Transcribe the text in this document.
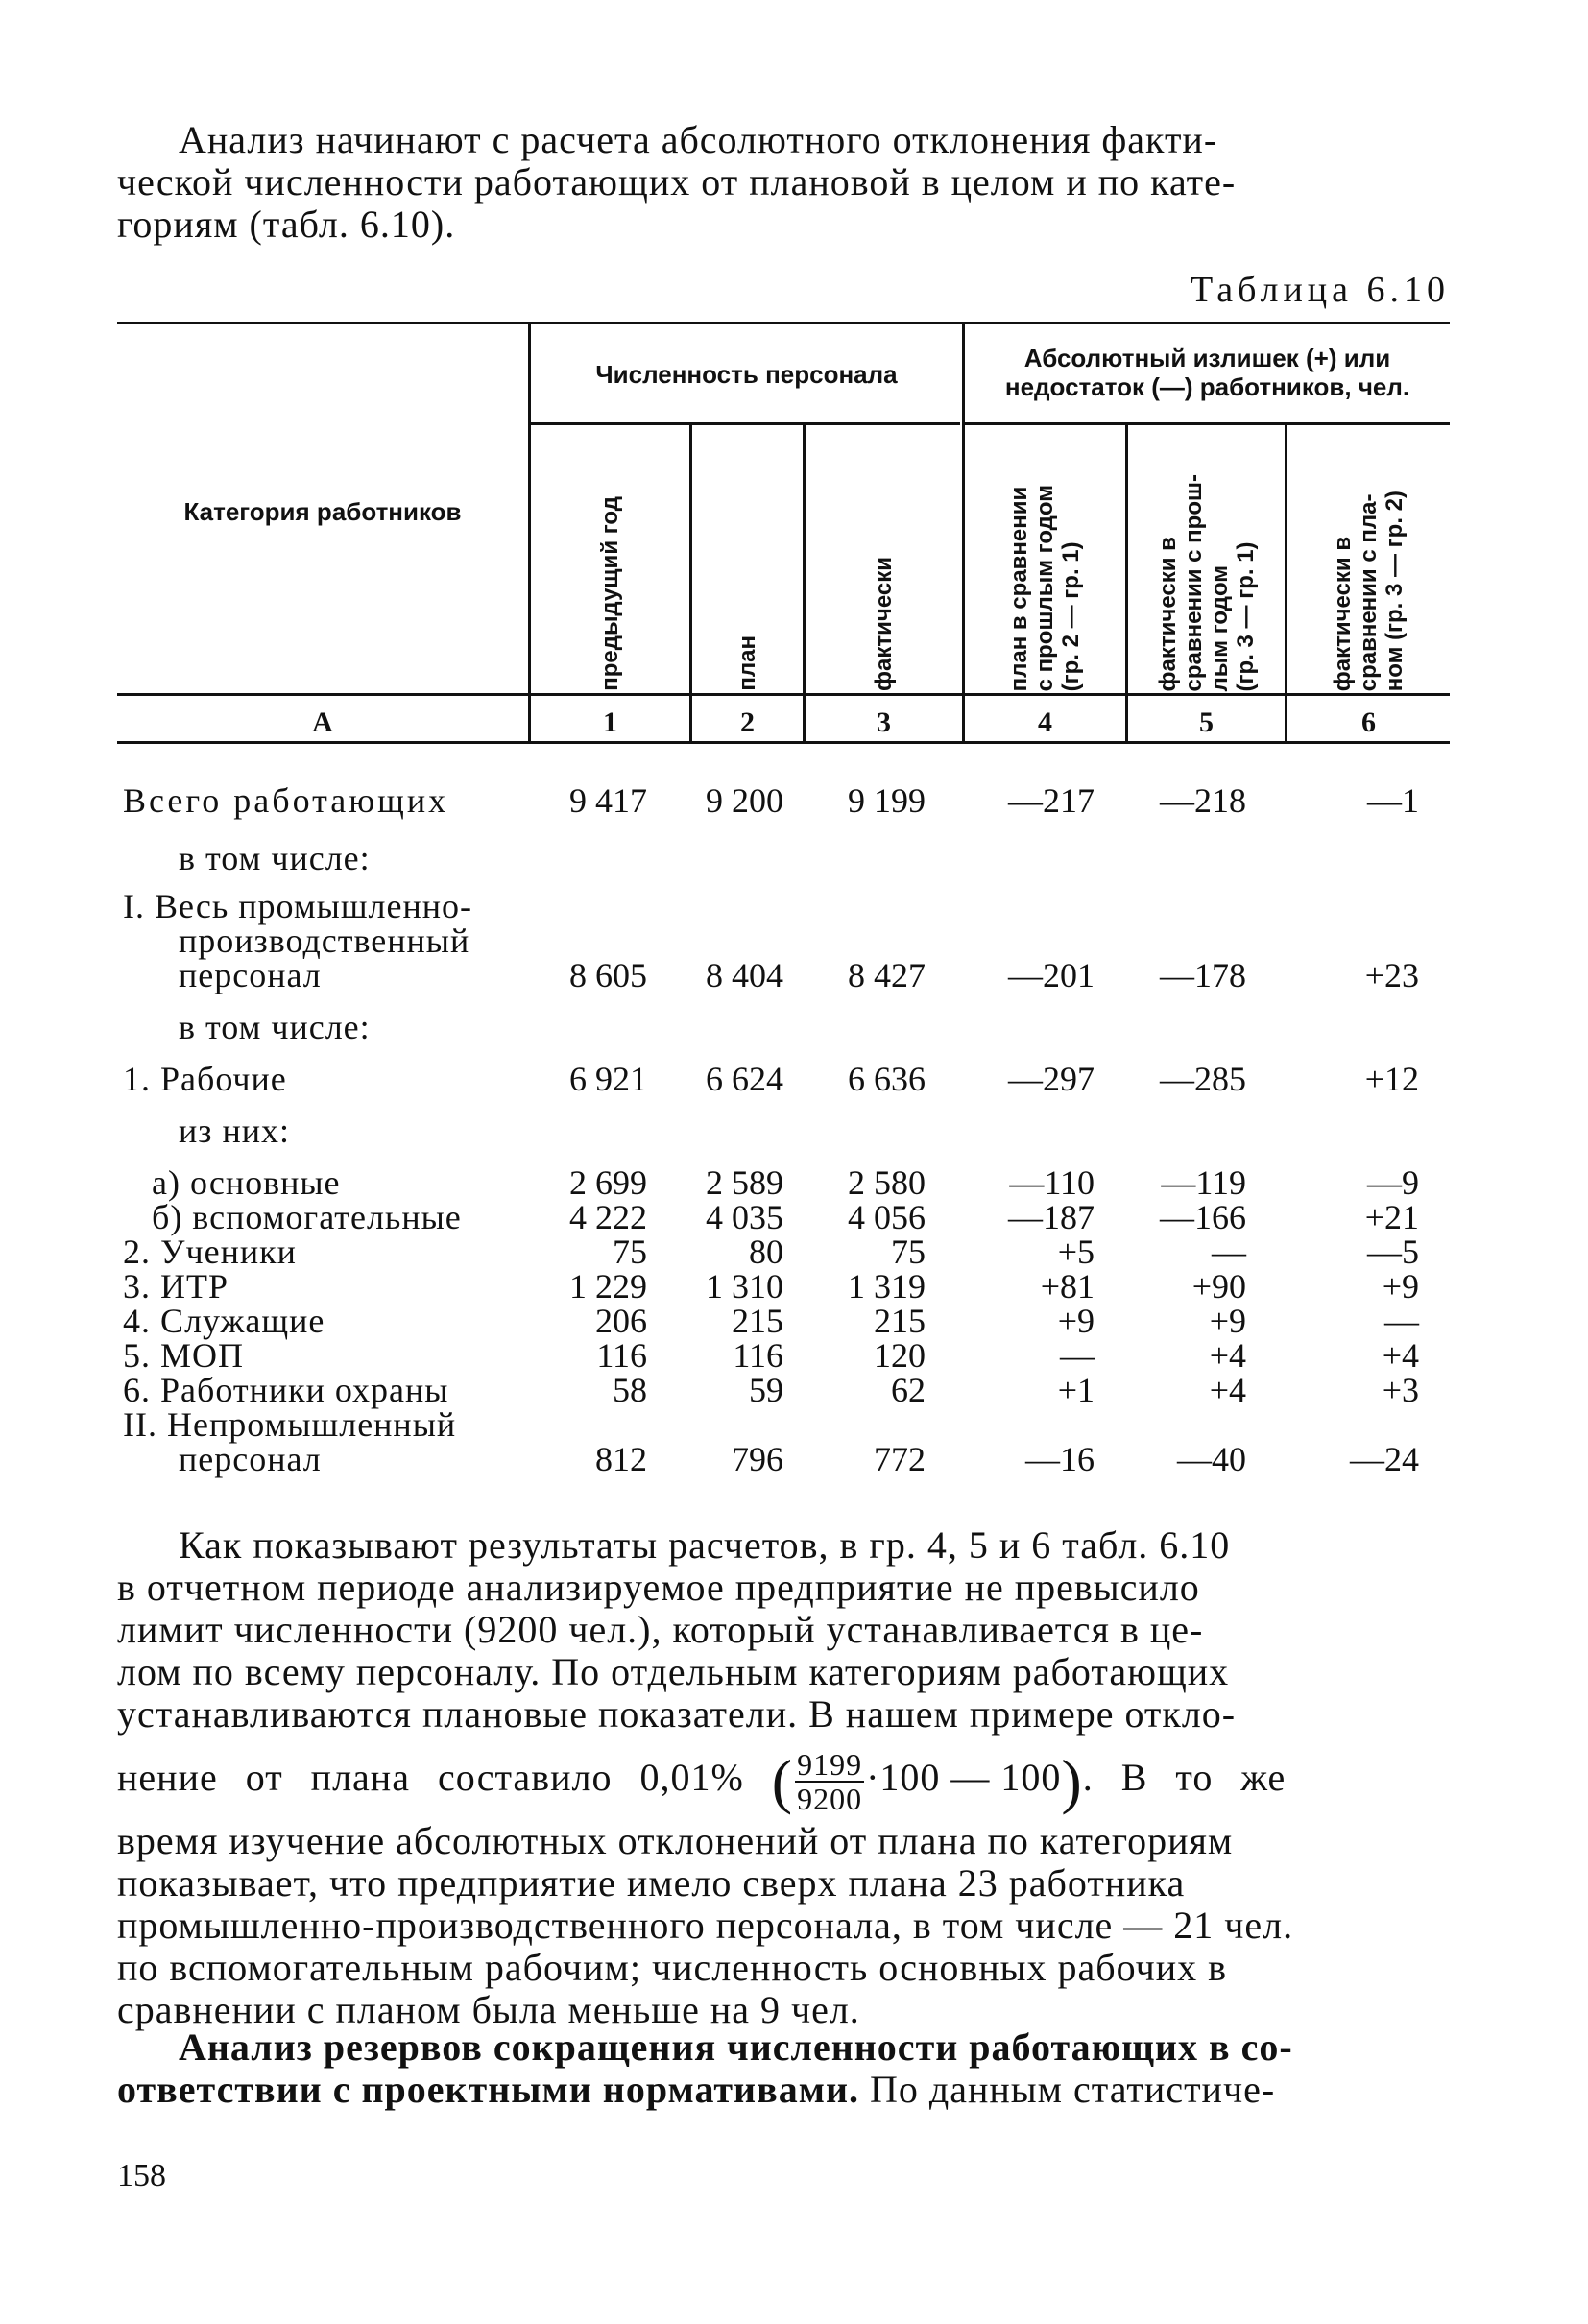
Анализ начинают с расчета абсолютного отклонения факти-
ческой численности работающих от плановой в целом и по кате-
гориям (табл. 6.10).
Таблица 6.10
Категория работников
Численность персонала
Абсолютный излишек (+) или
недостаток (—) работников, чел.
предыдущий год	план	фактически	план в сравнении
с прошлым годом
(гр. 2 — гр. 1)	фактически в
сравнении с прош-
лым годом
(гр. 3 — гр. 1)	фактически в
сравнении с пла-
ном (гр. 3 — гр. 2)
А	1	2	3	4	5	6
Всего работающих	9 417	9 200	9 199	—217	—218	—1
в том числе:
I. Весь промышленно-
производственный
персонал	8 605	8 404	8 427	—201	—178	+23
в том числе:
1. Рабочие	6 921	6 624	6 636	—297	—285	+12
из них:
а) основные	2 699	2 589	2 580	—110	—119	—9
б) вспомогательные	4 222	4 035	4 056	—187	—166	+21
2. Ученики	75	80	75	+5	—	—5
3. ИТР	1 229	1 310	1 319	+81	+90	+9
4. Служащие	206	215	215	+9	+9	—
5. МОП	116	116	120	—	+4	+4
6. Работники охраны	58	59	62	+1	+4	+3
II. Непромышленный
персонал	812	796	772	—16	—40	—24
Как показывают результаты расчетов, в гр. 4, 5 и 6 табл. 6.10
в отчетном периоде анализируемое предприятие не превысило
лимит численности (9200 чел.), который устанавливается в це-
лом по всему персоналу. По отдельным категориям работающих
устанавливаются плановые показатели. В нашем примере откло-
нение от плана составило 0,01% ( $\frac{9199}{9200} \cdot 100$ — 100). В то же
время изучение абсолютных отклонений от плана по категориям
показывает, что предприятие имело сверх плана 23 работника
промышленно-производственного персонала, в том числе — 21 чел.
по вспомогательным рабочим; численность основных рабочих в
сравнении с планом была меньше на 9 чел.
Анализ резервов сокращения численности работающих в со-
ответствии с проектными нормативами. По данным статистиче-
158
